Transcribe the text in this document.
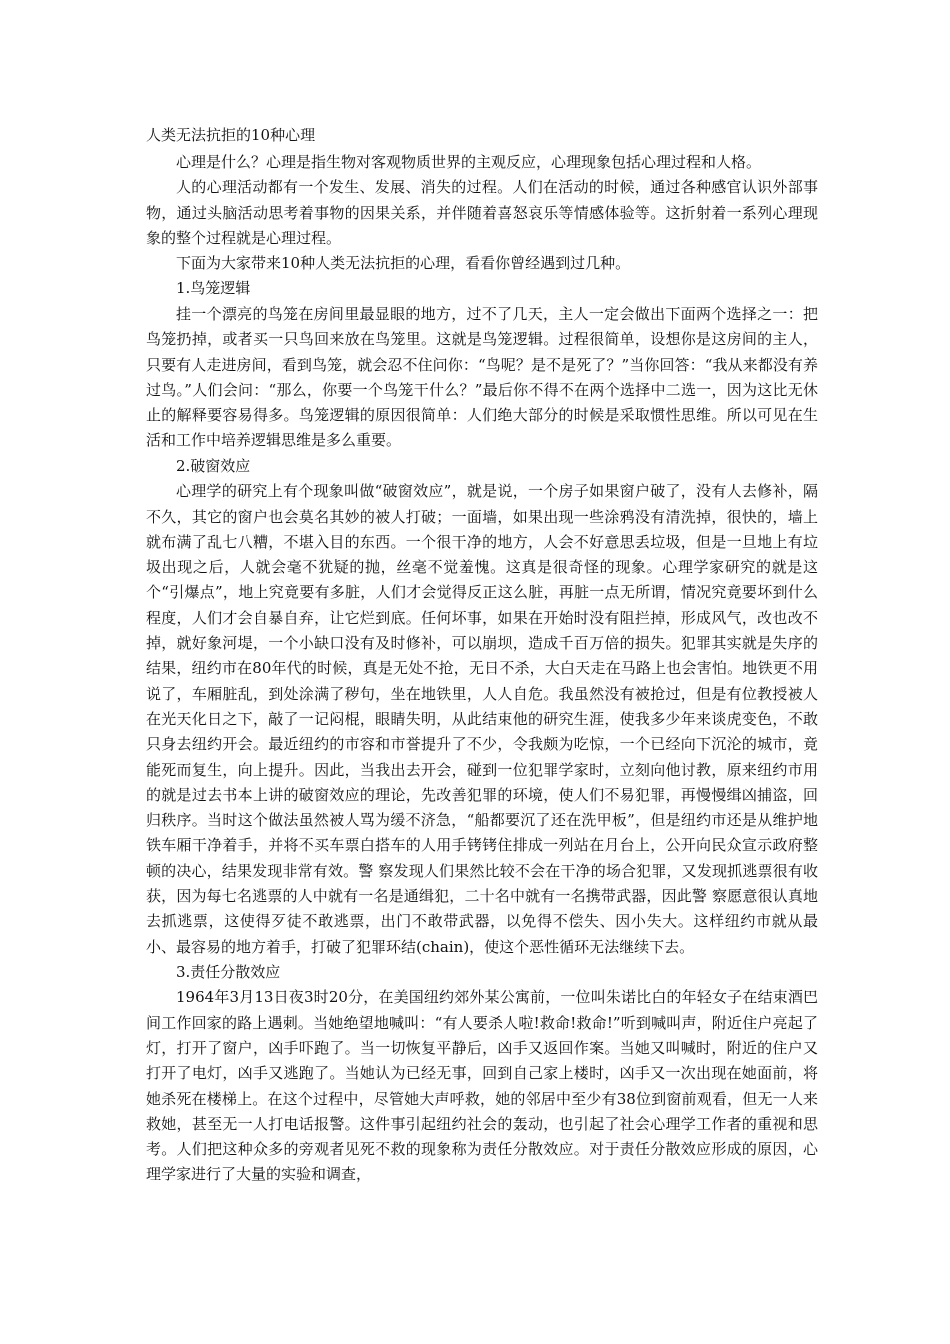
人类无法抗拒的10种心理

心理是什么？心理是指生物对客观物质世界的主观反应，心理现象包括心理过程和人格。

人的心理活动都有一个发生、发展、消失的过程。人们在活动的时候，通过各种感官认识外部事物，通过头脑活动思考着事物的因果关系，并伴随着喜怒哀乐等情感体验等。这折射着一系列心理现象的整个过程就是心理过程。

下面为大家带来10种人类无法抗拒的心理，看看你曾经遇到过几种。

1.鸟笼逻辑

挂一个漂亮的鸟笼在房间里最显眼的地方，过不了几天，主人一定会做出下面两个选择之一：把鸟笼扔掉，或者买一只鸟回来放在鸟笼里。这就是鸟笼逻辑。过程很简单，设想你是这房间的主人，只要有人走进房间，看到鸟笼，就会忍不住问你：“鸟呢？是不是死了？”当你回答：“我从来都没有养过鸟。”人们会问：“那么，你要一个鸟笼干什么？”最后你不得不在两个选择中二选一，因为这比无休止的解释要容易得多。鸟笼逻辑的原因很简单：人们绝大部分的时候是采取惯性思维。所以可见在生活和工作中培养逻辑思维是多么重要。

2.破窗效应

心理学的研究上有个现象叫做“破窗效应”，就是说，一个房子如果窗户破了，没有人去修补，隔不久，其它的窗户也会莫名其妙的被人打破；一面墙，如果出现一些涂鸦没有清洗掉，很快的，墙上就布满了乱七八糟，不堪入目的东西。一个很干净的地方，人会不好意思丢垃圾，但是一旦地上有垃圾出现之后，人就会毫不犹疑的抛，丝毫不觉羞愧。这真是很奇怪的现象。心理学家研究的就是这个“引爆点”，地上究竟要有多脏，人们才会觉得反正这么脏，再脏一点无所谓，情况究竟要坏到什么程度，人们才会自暴自弃，让它烂到底。任何坏事，如果在开始时没有阻拦掉，形成风气，改也改不掉，就好象河堤，一个小缺口没有及时修补，可以崩坝，造成千百万倍的损失。犯罪其实就是失序的结果，纽约市在80年代的时候，真是无处不抢，无日不杀，大白天走在马路上也会害怕。地铁更不用说了，车厢脏乱，到处涂满了秽句，坐在地铁里，人人自危。我虽然没有被抢过，但是有位教授被人在光天化日之下，敲了一记闷棍，眼睛失明，从此结束他的研究生涯，使我多少年来谈虎变色，不敢只身去纽约开会。最近纽约的市容和市誉提升了不少，令我颇为吃惊，一个已经向下沉沦的城市，竟能死而复生，向上提升。因此，当我出去开会，碰到一位犯罪学家时，立刻向他讨教，原来纽约市用的就是过去书本上讲的破窗效应的理论，先改善犯罪的环境，使人们不易犯罪，再慢慢缉凶捕盗，回归秩序。当时这个做法虽然被人骂为缓不济急，“船都要沉了还在洗甲板”，但是纽约市还是从维护地铁车厢干净着手，并将不买车票白搭车的人用手铐铐住排成一列站在月台上，公开向民众宣示政府整顿的决心，结果发现非常有效。警 察发现人们果然比较不会在干净的场合犯罪，又发现抓逃票很有收获，因为每七名逃票的人中就有一名是通缉犯，二十名中就有一名携带武器，因此警 察愿意很认真地去抓逃票，这使得歹徒不敢逃票，出门不敢带武器，以免得不偿失、因小失大。这样纽约市就从最小、最容易的地方着手，打破了犯罪环结(chain)，使这个恶性循环无法继续下去。

3.责任分散效应

1964年3月13日夜3时20分，在美国纽约郊外某公寓前，一位叫朱诺比白的年轻女子在结束酒巴间工作回家的路上遇刺。当她绝望地喊叫：“有人要杀人啦!救命!救命!”听到喊叫声，附近住户亮起了灯，打开了窗户，凶手吓跑了。当一切恢复平静后，凶手又返回作案。当她又叫喊时，附近的住户又打开了电灯，凶手又逃跑了。当她认为已经无事，回到自己家上楼时，凶手又一次出现在她面前，将她杀死在楼梯上。在这个过程中，尽管她大声呼救，她的邻居中至少有38位到窗前观看，但无一人来救她，甚至无一人打电话报警。这件事引起纽约社会的轰动，也引起了社会心理学工作者的重视和思考。人们把这种众多的旁观者见死不救的现象称为责任分散效应。对于责任分散效应形成的原因，心理学家进行了大量的实验和调查，
